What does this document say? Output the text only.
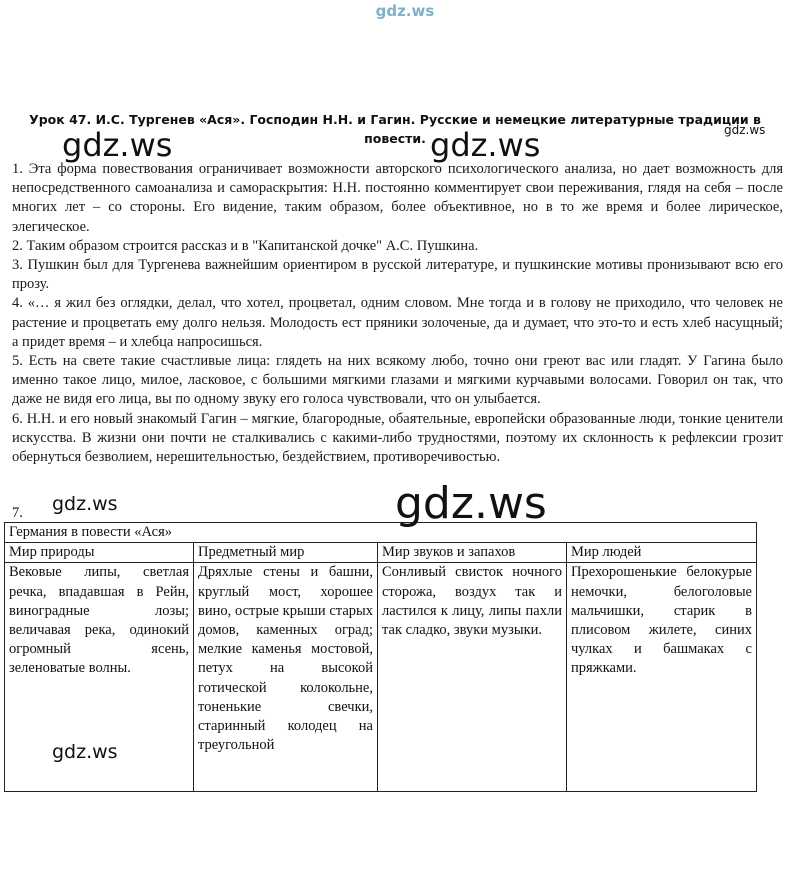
gdz.ws
Урок 47. И.С. Тургенев «Ася». Господин Н.Н. и Гагин. Русские и немецкие литературные традиции в повести.

1. Эта форма повествования ограничивает возможности авторского психологического анализа, но дает возможность для непосредственного самоанализа и самораскрытия: Н.Н. постоянно комментирует свои переживания, глядя на себя – после многих лет – со стороны. Его видение, таким образом, более объективное, но в то же время и более лирическое, элегическое.

2. Таким образом строится рассказ и в "Капитанской дочке" А.С. Пушкина.

3. Пушкин был для Тургенева важнейшим ориентиром в русской литературе, и пушкинские мотивы пронизывают всю его прозу.

4. «… я жил без оглядки, делал, что хотел, процветал, одним словом. Мне тогда и в голову не приходило, что человек не растение и процветать ему долго нельзя. Молодость ест пряники золоченые, да и думает, что это-то и есть хлеб насущный; а придет время – и хлебца напросишься.

5. Есть на свете такие счастливые лица: глядеть на них всякому любо, точно они греют вас или гладят. У Гагина было именно такое лицо, милое, ласковое, с большими мягкими глазами и мягкими курчавыми волосами. Говорил он так, что даже не видя его лица, вы по одному звуку его голоса чувствовали, что он улыбается.

6. Н.Н. и его новый знакомый Гагин – мягкие, благородные, обаятельные, европейски образованные люди, тонкие ценители искусства. В жизни они почти не сталкивались с какими-либо трудностями, поэтому их склонность к рефлексии грозит обернуться безволием, нерешительностью, бездействием, противоречивостью.

7.
Германия в повести «Ася»			
Мир природы	Предметный мир	Мир звуков и запахов	Мир людей
Вековые липы, светлая речка, впадавшая в Рейн, виноградные лозы; величавая река, одинокий огромный ясень, зеленоватые волны.	Дряхлые стены и башни, круглый мост, хорошее вино, острые крыши старых домов, каменных оград; мелкие каменья мостовой, петух на высокой готической колокольне, тоненькие свечки, старинный колодец на треугольной	Сонливый свисток ночного сторожа, воздух так и ластился к лицу, липы пахли так сладко, звуки музыки.	Прехорошенькие белокурые немочки, белоголовые мальчишки, старик в плисовом жилете, синих чулках и башмаках с пряжками.
gdz.ws	gdz.ws	gdz.ws
gdz.ws
gdz.ws
gdz.ws
